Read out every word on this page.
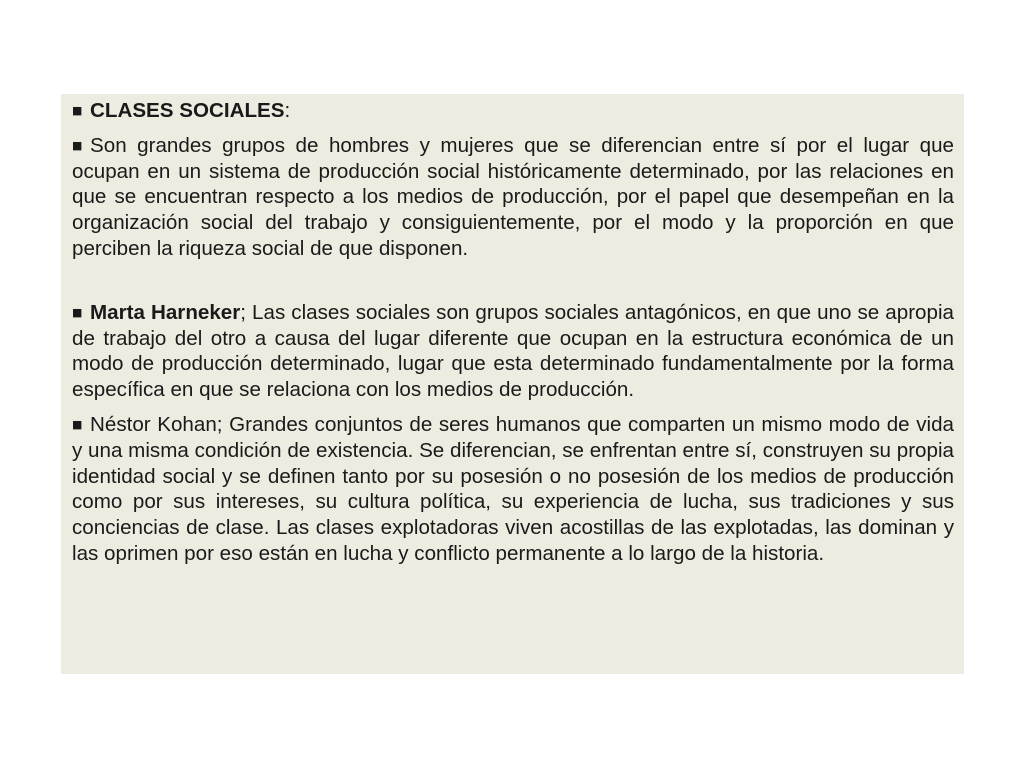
■ CLASES SOCIALES:

■ Son grandes grupos de hombres y mujeres que se diferencian entre sí por el lugar que ocupan en un sistema de producción social históricamente determinado, por las relaciones en que se encuentran respecto a los medios de producción, por el papel que desempeñan en la organización social del trabajo y consiguientemente, por el modo y la proporción en que perciben la riqueza social de que disponen.

■ Marta Harneker; Las clases sociales son grupos sociales antagónicos, en que uno se apropia de trabajo del otro a causa del lugar diferente que ocupan en la estructura económica de un modo de producción determinado, lugar que esta determinado fundamentalmente por la forma específica en que se relaciona con los medios de producción.

■ Néstor Kohan; Grandes conjuntos de seres humanos que comparten un mismo modo de vida y una misma condición de existencia. Se diferencian, se enfrentan entre sí, construyen su propia identidad social y se definen tanto por su posesión o no posesión de los medios de producción como por sus intereses, su cultura política, su experiencia de lucha, sus tradiciones y sus conciencias de clase. Las clases explotadoras viven acostillas de las explotadas, las dominan y las oprimen por eso están en lucha y conflicto permanente a lo largo de la historia.
